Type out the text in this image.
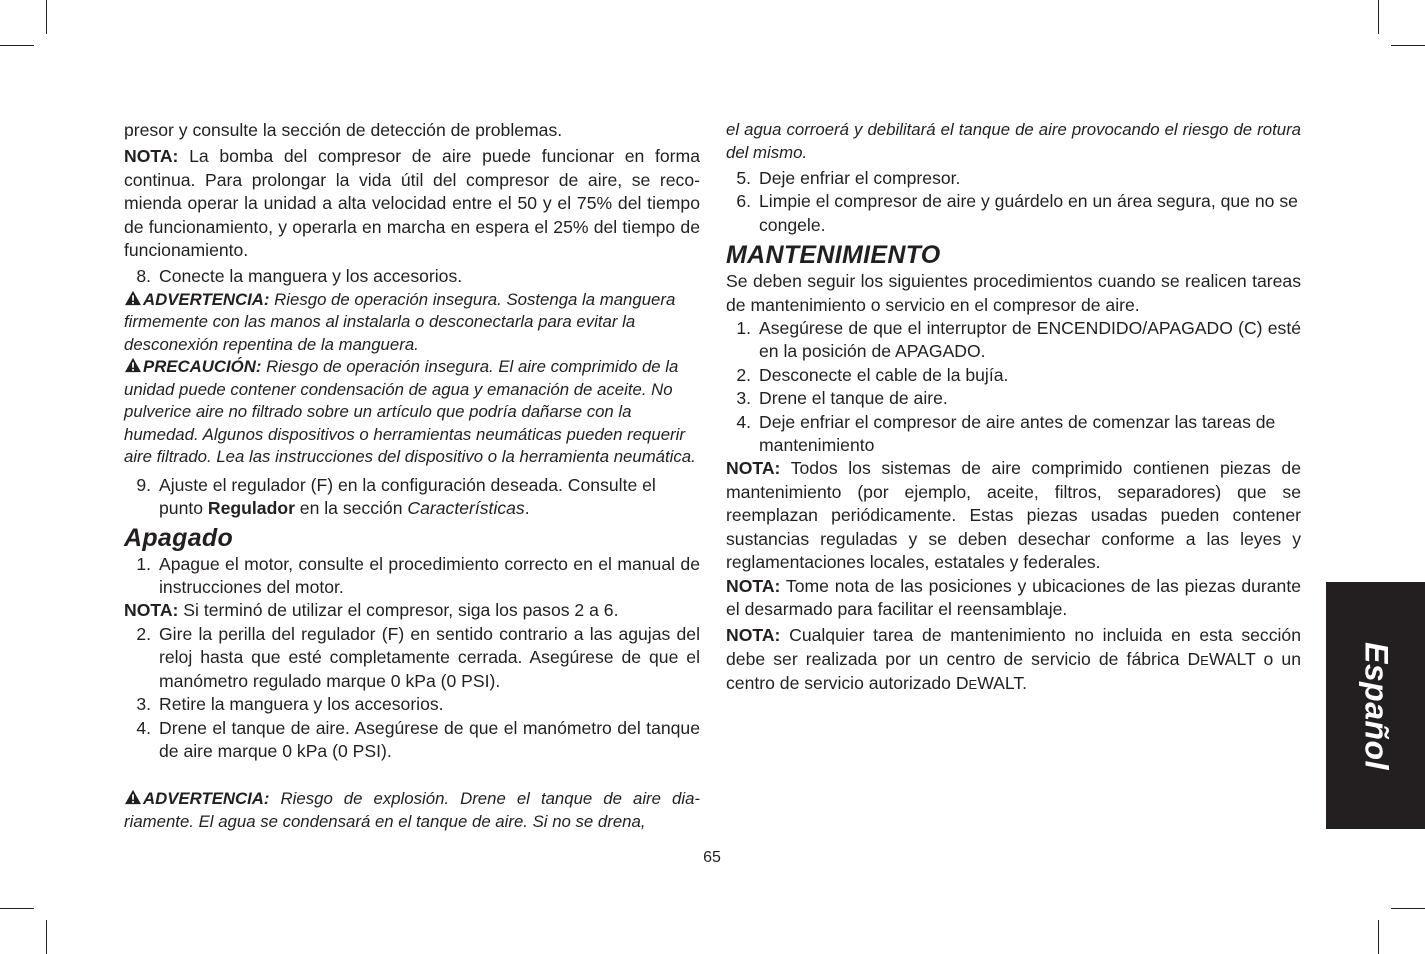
presor y consulte la sección de detección de problemas.

NOTA: La bomba del compresor de aire puede funcionar en forma continua. Para prolongar la vida útil del compresor de aire, se reco-mienda operar la unidad a alta velocidad entre el 50 y el 75% del tiempo de funcionamiento, y operarla en marcha en espera el 25% del tiempo de funcionamiento.

8. Conecte la manguera y los accesorios.

ADVERTENCIA: Riesgo de operación insegura. Sostenga la manguera firmemente con las manos al instalarla o desconectarla para evitar la desconexión repentina de la manguera.

PRECAUCIÓN: Riesgo de operación insegura. El aire comprimido de la unidad puede contener condensación de agua y emanación de aceite. No pulverice aire no filtrado sobre un artículo que podría dañarse con la humedad. Algunos dispositivos o herramientas neumáticas pueden requerir aire filtrado. Lea las instrucciones del dispositivo o la herramienta neumática.

9. Ajuste el regulador (F) en la configuración deseada. Consulte el punto Regulador en la sección Características.

Apagado

1. Apague el motor, consulte el procedimiento correcto en el manual de instrucciones del motor.

NOTA: Si terminó de utilizar el compresor, siga los pasos 2 a 6.

2. Gire la perilla del regulador (F) en sentido contrario a las agujas del reloj hasta que esté completamente cerrada. Asegúrese de que el manómetro regulado marque 0 kPa (0 PSI).

3. Retire la manguera y los accesorios.

4. Drene el tanque de aire. Asegúrese de que el manómetro del tanque de aire marque 0 kPa (0 PSI).

ADVERTENCIA: Riesgo de explosión. Drene el tanque de aire dia-riamente. El agua se condensará en el tanque de aire. Si no se drena,

el agua corroerá y debilitará el tanque de aire provocando el riesgo de rotura del mismo.

5. Deje enfriar el compresor.

6. Limpie el compresor de aire y guárdelo en un área segura, que no se congele.

MANTENIMIENTO

Se deben seguir los siguientes procedimientos cuando se realicen tareas de mantenimiento o servicio en el compresor de aire.

1. Asegúrese de que el interruptor de ENCENDIDO/APAGADO (C) esté en la posición de APAGADO.

2. Desconecte el cable de la bujía.

3. Drene el tanque de aire.

4. Deje enfriar el compresor de aire antes de comenzar las tareas de mantenimiento

NOTA: Todos los sistemas de aire comprimido contienen piezas de mantenimiento (por ejemplo, aceite, filtros, separadores) que se reemplazan periódicamente. Estas piezas usadas pueden contener sustancias reguladas y se deben desechar conforme a las leyes y reglamentaciones locales, estatales y federales.

NOTA: Tome nota de las posiciones y ubicaciones de las piezas durante el desarmado para facilitar el reensamblaje.

NOTA: Cualquier tarea de mantenimiento no incluida en esta sección debe ser realizada por un centro de servicio de fábrica DEWALT o un centro de servicio autorizado DEWALT.

65
Español
